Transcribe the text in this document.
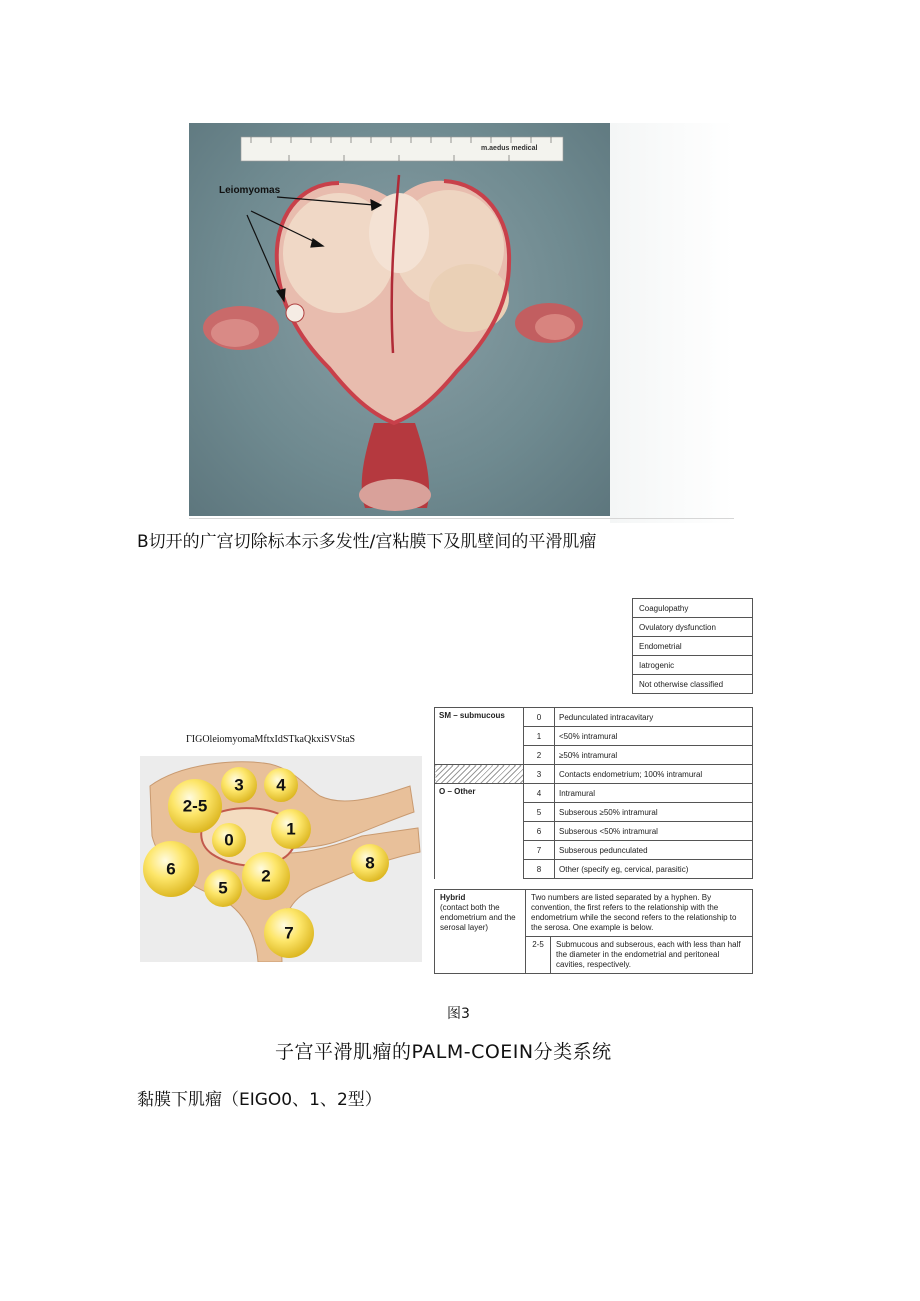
Leiomyomas
m.aedus medical
B切开的广宫切除标本示多发性/宫粘膜下及肌壁间的平滑肌瘤
Coagulopathy
Ovulatory dysfunction
Endometrial
Iatrogenic
Not otherwise classified
ΓIGOleiomyomaMftxIdSTkaQkxiSVStaS
2-5
3 4
0
1
6
5
2
8
7
SM – submucous	0	Pedunculated intracavitary
	1	<50% intramural
	2	≥50% intramural
	3	Contacts endometrium; 100% intramural
O – Other	4	Intramural
	5	Subserous ≥50% intramural
	6	Subserous <50% intramural
	7	Subserous pedunculated
	8	Other (specify eg, cervical, parasitic)
Hybrid
(contact both the endometrium and the serosal layer)	Two numbers are listed separated by a hyphen. By convention, the first refers to the relationship with the endometrium while the second refers to the relationship to the serosa. One example is below.	
	2-5	Submucous and subserous, each with less than half the diameter in the endometrial and peritoneal cavities, respectively.
图3
子宫平滑肌瘤的PALM-COEIN分类系统
黏膜下肌瘤（EIGO0、1、2型）
